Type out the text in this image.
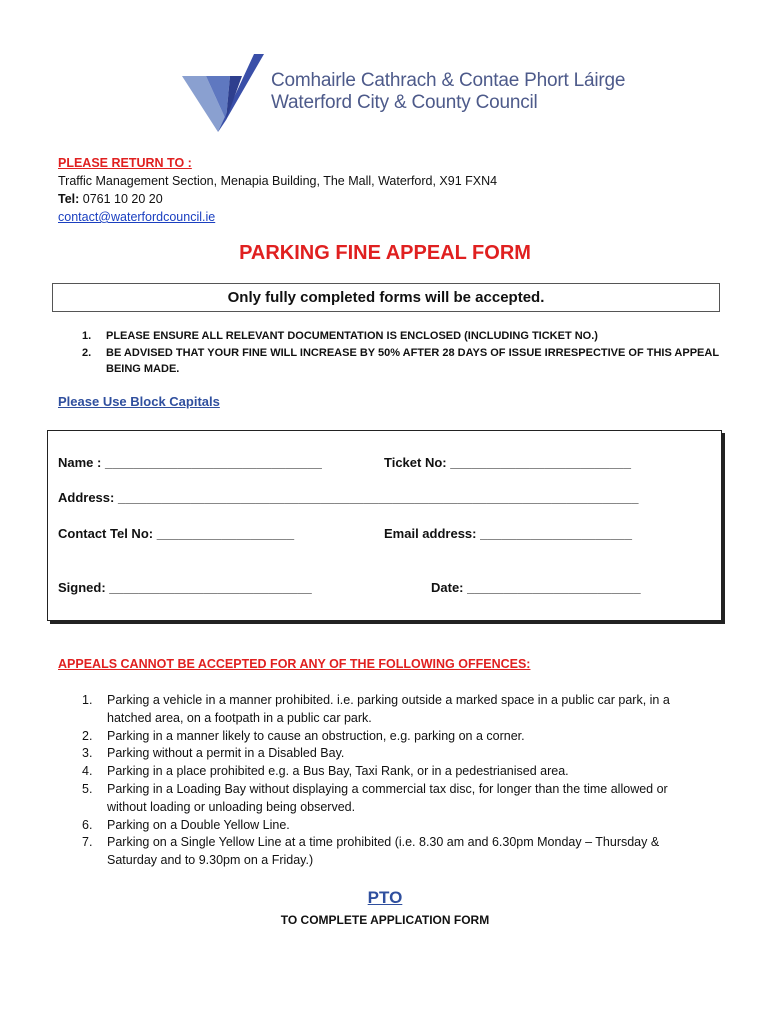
Comhairle Cathrach & Contae Phort Láirge
Waterford City & County Council
PLEASE RETURN TO :
Traffic Management Section, Menapia Building, The Mall, Waterford, X91 FXN4
Tel: 0761 10 20 20
contact@waterfordcouncil.ie
PARKING FINE APPEAL FORM
Only fully completed forms will be accepted.
1.	PLEASE ENSURE ALL RELEVANT DOCUMENTATION IS ENCLOSED (INCLUDING TICKET NO.)
2.	BE ADVISED THAT YOUR FINE WILL INCREASE BY 50% AFTER 28 DAYS OF ISSUE IRRESPECTIVE OF THIS APPEAL BEING MADE.
Please Use Block Capitals
Name : ______________________________	Ticket No: _________________________
Address: ________________________________________________________________________
Contact Tel No: ___________________	Email address: _____________________
Signed: ____________________________	Date: ________________________
APPEALS CANNOT BE ACCEPTED FOR ANY OF THE FOLLOWING OFFENCES:
1.	Parking a vehicle in a manner prohibited. i.e. parking outside a marked space in a public car park, in a hatched area, on a footpath in a public car park.
2.	Parking in a manner likely to cause an obstruction, e.g. parking on a corner.
3.	Parking without a permit in a Disabled Bay.
4.	Parking in a place prohibited e.g. a Bus Bay, Taxi Rank, or in a pedestrianised area.
5.	Parking in a Loading Bay without displaying a commercial tax disc, for longer than the time allowed or without loading or unloading being observed.
6.	Parking on a Double Yellow Line.
7.	Parking on a Single Yellow Line at a time prohibited (i.e. 8.30 am and 6.30pm Monday – Thursday & Saturday and to 9.30pm on a Friday.)
PTO
TO COMPLETE APPLICATION FORM
